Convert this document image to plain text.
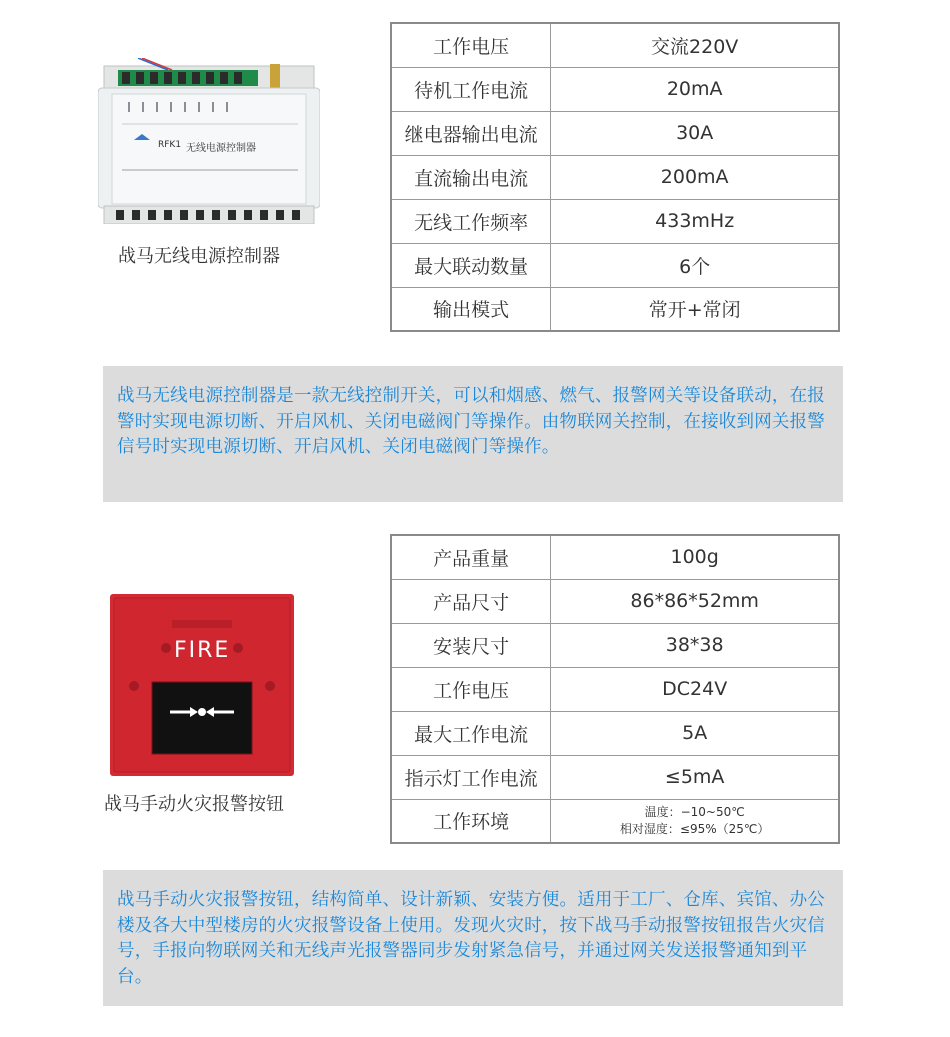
RFK1 无线电源控制器
战马无线电源控制器
工作电压	交流220V
待机工作电流	20mA
继电器输出电流	30A
直流输出电流	200mA
无线工作频率	433mHz
最大联动数量	6个
输出模式	常开+常闭
战马无线电源控制器是一款无线控制开关，可以和烟感、燃气、报警网关等设备联动，在报警时实现电源切断、开启风机、关闭电磁阀门等操作。由物联网关控制，在接收到网关报警信号时实现电源切断、开启风机、关闭电磁阀门等操作。
FIRE
战马手动火灾报警按钮
产品重量	100g
产品尺寸	86*86*52mm
安装尺寸	38*38
工作电压	DC24V
最大工作电流	5A
指示灯工作电流	≤5mA
工作环境	温度：−10~50℃
相对湿度：≤95%（25℃）
战马手动火灾报警按钮，结构简单、设计新颖、安装方便。适用于工厂、仓库、宾馆、办公楼及各大中型楼房的火灾报警设备上使用。发现火灾时，按下战马手动报警按钮报告火灾信号，手报向物联网关和无线声光报警器同步发射紧急信号，并通过网关发送报警通知到平台。
